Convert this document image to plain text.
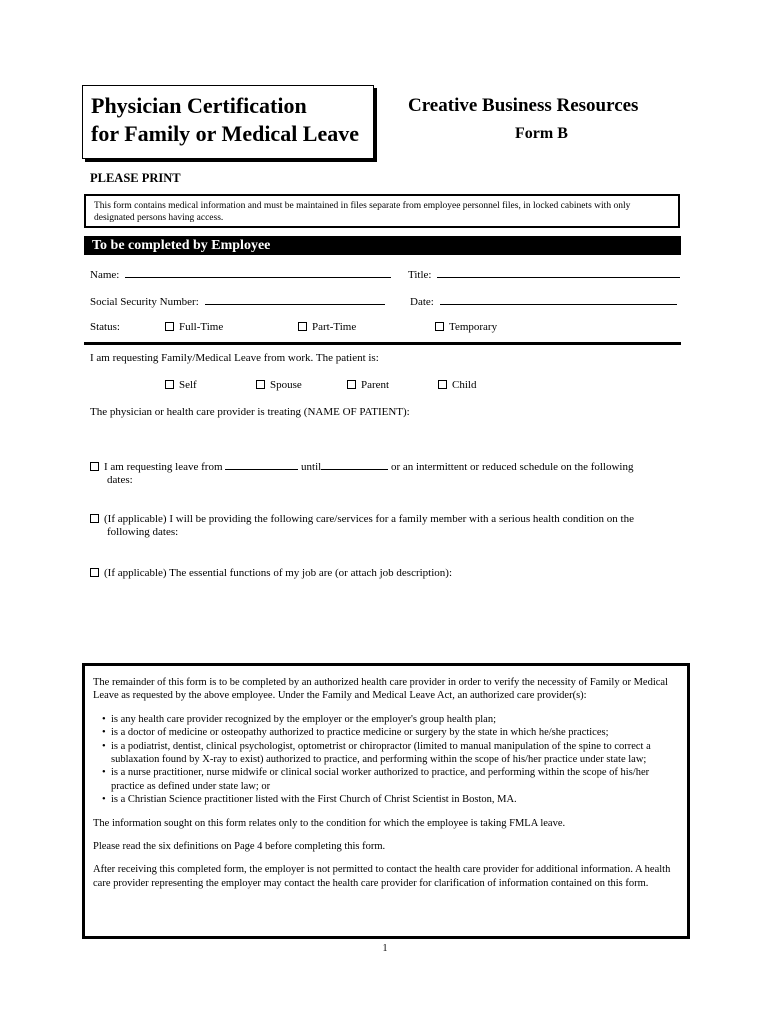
Physician Certification
for Family or Medical Leave
Creative Business Resources
Form B
PLEASE PRINT
This form contains medical information and must be maintained in files separate from employee personnel files, in locked cabinets with only designated persons having access.
To be completed by Employee
Name:	Title:
Social Security Number:	Date:
Status:	Full-Time	Part-Time	Temporary
I am requesting Family/Medical Leave from work. The patient is:
Self	Spouse	Parent	Child
The physician or health care provider is treating (NAME OF PATIENT):
I am requesting leave from	until	or an intermittent or reduced schedule on the following
dates:
(If applicable) I will be providing the following care/services for a family member with a serious health condition on the
following dates:
(If applicable) The essential functions of my job are (or attach job description):

The remainder of this form is to be completed by an authorized health care provider in order to verify the necessity of Family or Medical Leave as requested by the above employee. Under the Family and Medical Leave Act, an authorized care provider(s):

• is any health care provider recognized by the employer or the employer's group health plan;
• is a doctor of medicine or osteopathy authorized to practice medicine or surgery by the state in which he/she practices;
• is a podiatrist, dentist, clinical psychologist, optometrist or chiropractor (limited to manual manipulation of the spine to correct a sublaxation found by X-ray to exist) authorized to practice, and performing within the scope of his/her practice under state law;
• is a nurse practitioner, nurse midwife or clinical social worker authorized to practice, and performing within the scope of his/her practice as defined under state law; or
• is a Christian Science practitioner listed with the First Church of Christ Scientist in Boston, MA.

The information sought on this form relates only to the condition for which the employee is taking FMLA leave.

Please read the six definitions on Page 4 before completing this form.

After receiving this completed form, the employer is not permitted to contact the health care provider for additional information. A health care provider representing the employer may contact the health care provider for clarification of information contained on this form.

1
